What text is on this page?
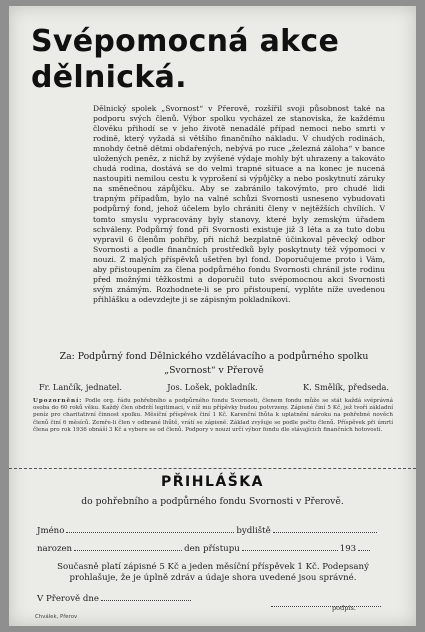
Svépomocná akce
dělnická.
Dělnický spolek „Svornost“ v Přerově, rozšířil svoji působnost také na podporu svých členů. Výbor spolku vycházel ze stanoviska, že každému člověku přihodí se v jeho životě nenadálé případ nemoci nebo smrti v rodině, který vyžadá si většího finančního nákladu. V chudých rodinách, mnohdy četně dětmi obdařených, nebývá po ruce „železná záloha“ v bance uložených peněz, z nichž by zvýšené výdaje mohly být uhrazeny a takováto chudá rodina, dostává se do velmi trapné situace a na konec je nucená nastoupiti nemilou cestu k vyprošení si výpůjčky a nebo poskytnutí záruky na směnečnou zápůjčku. Aby se zabránilo takovýmto, pro chudé lidi trapným případům, bylo na valné schůzi Svornosti usneseno vybudovati podpůrný fond, jehož účelem bylo chrániti členy v nejtěžších chvílích. V tomto smyslu vypracovány byly stanovy, které byly zemským úřadem schváleny. Podpůrný fond při Svornosti existuje již 3 léta a za tuto dobu vypravil 6 členům pohřby, při nichž bezplatně účinkoval pěvecký odbor Svornosti a podle finančních prostředků byly poskytnuty též výpomoci v nouzi. Z malých příspěvků ušetřen byl fond. Doporučujeme proto i Vám, aby přistoupením za člena podpůrného fondu Svornosti chránil jste rodinu před možnými těžkostmi a doporučil tuto svépomocnou akci Svornosti svým známým. Rozhodnete-li se pro přistoupení, vyplňte níže uvedenou přihlášku a odevzdejte ji se zápisným pokladníkovi.
Za: Podpůrný fond Dělnického vzdělávacího a podpůrného spolku „Svornost“ v Přerově
Fr. Lančík, jednatel.	Jos. Lošek, pokladník.	K. Smělík, předseda.
Upozornění: Podle org. řádu pohřebního a podpůrného fondu Svornosti, členem fondu může se stát každá svéprávná osoba do 60 roků věku. Každý člen obdrží legitimaci, v níž mu přípěvky budou potvrzeny. Zápisné činí 5 Kč, jež tvoří základní peníz pro charitativní činnost spolku. Měsíční příspěvek činí 1 Kč. Karenční lhůta k uplatnění nároku na pohřebné nověch členů činí 6 měsíců. Zemře-li člen v odbrané lhůtě, vrátí se zápisné. Základ zvyšuje se podle počtu členů. Příspěvek při úmrtí člena pro rok 1936 obnáší 3 Kč a vybere se od členů. Podpory v nouzi určí výbor fondu dle stávajících finančních hotovostí.
PŘIHLÁŠKA
do pohřebního a podpůrného fondu Svornosti v Přerově.
Jméno	bydliště
narozen	den přístupu	193
Současně platí zápisné 5 Kč a jeden měsíční příspěvek 1 Kč. Podepsaný prohlašuje, že je úplně zdráv a údaje shora uvedené jsou správné.
V Přerově dne
podpis.
Chválek, Přerov
